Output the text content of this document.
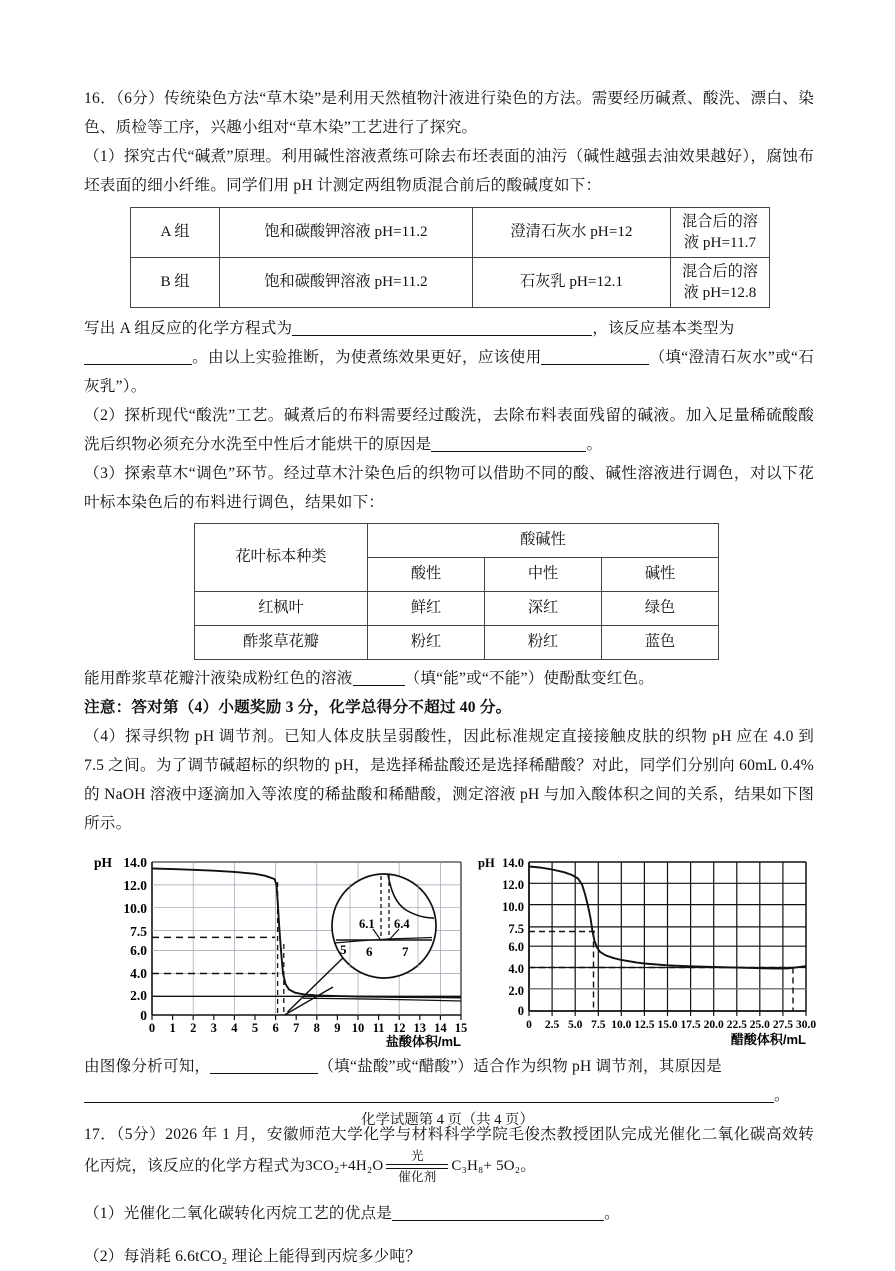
16．（6分）传统染色方法“草木染”是利用天然植物汁液进行染色的方法。需要经历碱煮、酸洗、漂白、染色、质检等工序，兴趣小组对“草木染”工艺进行了探究。

（1）探究古代“碱煮”原理。利用碱性溶液煮练可除去布坯表面的油污（碱性越强去油效果越好），腐蚀布坯表面的细小纤维。同学们用 pH 计测定两组物质混合前后的酸碱度如下：

A 组	饱和碳酸钾溶液 pH=11.2	澄清石灰水 pH=12	混合后的溶液 pH=11.7
B 组	饱和碳酸钾溶液 pH=11.2	石灰乳 pH=12.1	混合后的溶液 pH=12.8

写出 A 组反应的化学方程式为	，该反应基本类型为
。由以上实验推断，为使煮练效果更好，应该使用	（填“澄清石灰水”或“石灰乳”）。

（2）探析现代“酸洗”工艺。碱煮后的布料需要经过酸洗，去除布料表面残留的碱液。加入足量稀硫酸酸洗后织物必须充分水洗至中性后才能烘干的原因是	。

（3）探索草木“调色”环节。经过草木汁染色后的织物可以借助不同的酸、碱性溶液进行调色，对以下花叶标本染色后的布料进行调色，结果如下：

花叶标本种类	酸碱性		
	酸性	中性	碱性
红枫叶	鲜红	深红	绿色
酢浆草花瓣	粉红	粉红	蓝色

能用酢浆草花瓣汁液染成粉红色的溶液	（填“能”或“不能”）使酚酞变红色。

注意：答对第（4）小题奖励 3 分，化学总得分不超过 40 分。

（4）探寻织物 pH 调节剂。已知人体皮肤呈弱酸性，因此标准规定直接接触皮肤的织物 pH 应在 4.0 到 7.5 之间。为了调节碱超标的织物的 pH，是选择稀盐酸还是选择稀醋酸？对此，同学们分别向 60mL 0.4%的 NaOH 溶液中逐滴加入等浓度的稀盐酸和稀醋酸，测定溶液 pH 与加入酸体积之间的关系，结果如下图所示。

pH 14.0
12.0
10.0
7.5
6.0
4.0
2.0
0
6.1 6.4
5 6 7
0 1 2 3 4 5 6 7 8 9 10 11 12 13 14 15
盐酸体积/mL
pH 14.0
12.0
10.0
7.5
6.0
4.0
2.0
0
0 2.5 5.0 7.5 10.0 12.5 15.0 17.5 20.0 22.5 25.0 27.5 30.0
醋酸体积/mL

由图像分析可知，	（填“盐酸”或“醋酸”）适合作为织物 pH 调节剂，其原因是
。

17．（5分）2026 年 1 月，安徽师范大学化学与材料科学学院毛俊杰教授团队完成光催化二氧化碳高效转化丙烷，该反应的化学方程式为3CO₂+4H₂O
光
催化剂
C₃H₈+ 5O₂。

（1）光催化二氧化碳转化丙烷工艺的优点是	。

（2）每消耗 6.6tCO₂ 理论上能得到丙烷多少吨？

化学试题第 4 页（共 4 页）
